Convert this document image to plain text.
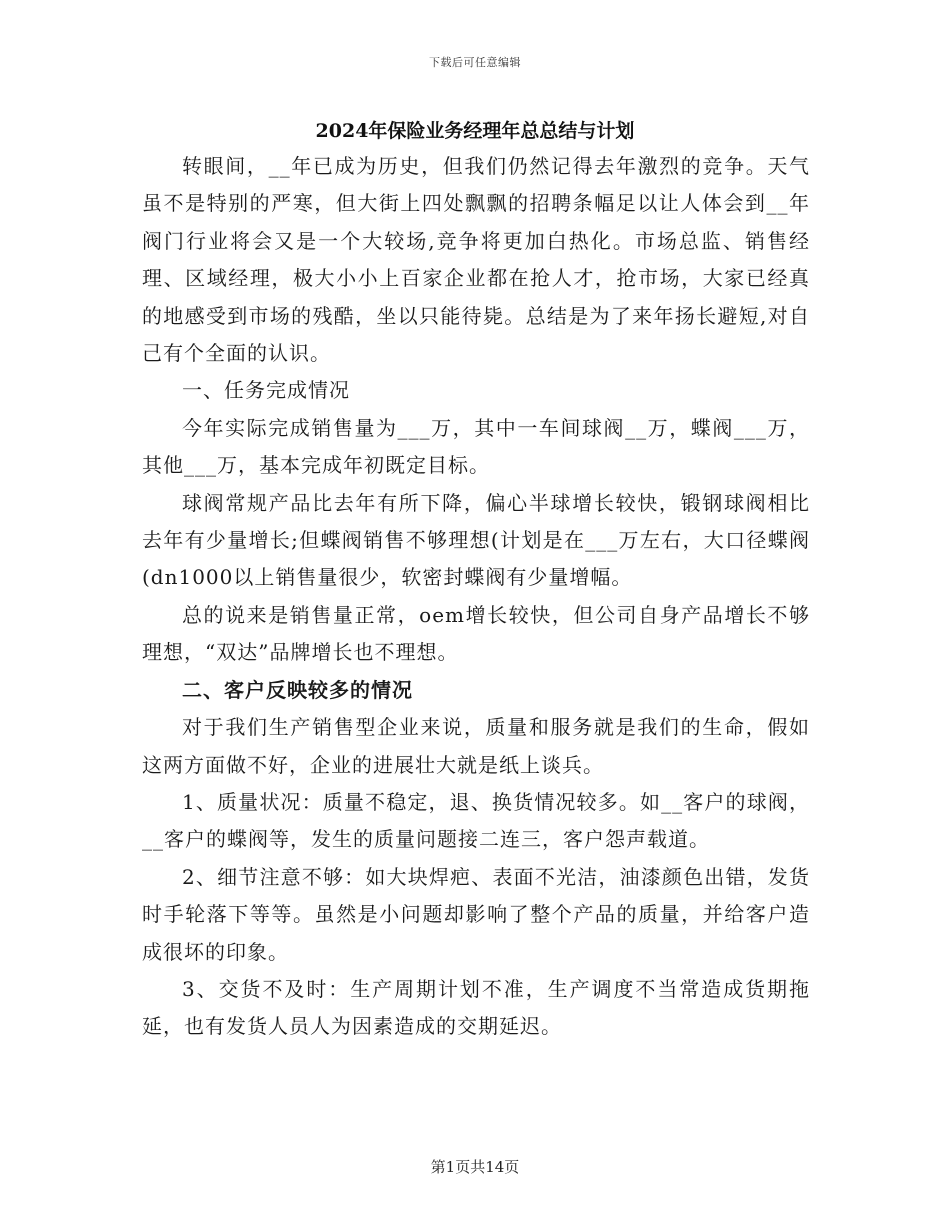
下载后可任意编辑
2024年保险业务经理年总总结与计划

转眼间，__年已成为历史，但我们仍然记得去年激烈的竞争。天气虽不是特别的严寒，但大街上四处飘飘的招聘条幅足以让人体会到__年阀门行业将会又是一个大较场,竞争将更加白热化。市场总监、销售经理、区域经理，极大小小上百家企业都在抢人才，抢市场，大家已经真的地感受到市场的残酷，坐以只能待毙。总结是为了来年扬长避短,对自己有个全面的认识。

一、任务完成情况

今年实际完成销售量为___万，其中一车间球阀__万，蝶阀___万，其他___万，基本完成年初既定目标。

球阀常规产品比去年有所下降，偏心半球增长较快，锻钢球阀相比去年有少量增长;但蝶阀销售不够理想(计划是在___万左右，大口径蝶阀(dn1000以上销售量很少，软密封蝶阀有少量增幅。

总的说来是销售量正常，oem增长较快，但公司自身产品增长不够理想，“双达”品牌增长也不理想。

二、客户反映较多的情况

对于我们生产销售型企业来说，质量和服务就是我们的生命，假如这两方面做不好，企业的进展壮大就是纸上谈兵。

1、质量状况：质量不稳定，退、换货情况较多。如__客户的球阀，__客户的蝶阀等，发生的质量问题接二连三，客户怨声载道。

2、细节注意不够：如大块焊疤、表面不光洁，油漆颜色出错，发货时手轮落下等等。虽然是小问题却影响了整个产品的质量，并给客户造成很坏的印象。

3、交货不及时：生产周期计划不准，生产调度不当常造成货期拖延，也有发货人员人为因素造成的交期延迟。

第1页共14页
